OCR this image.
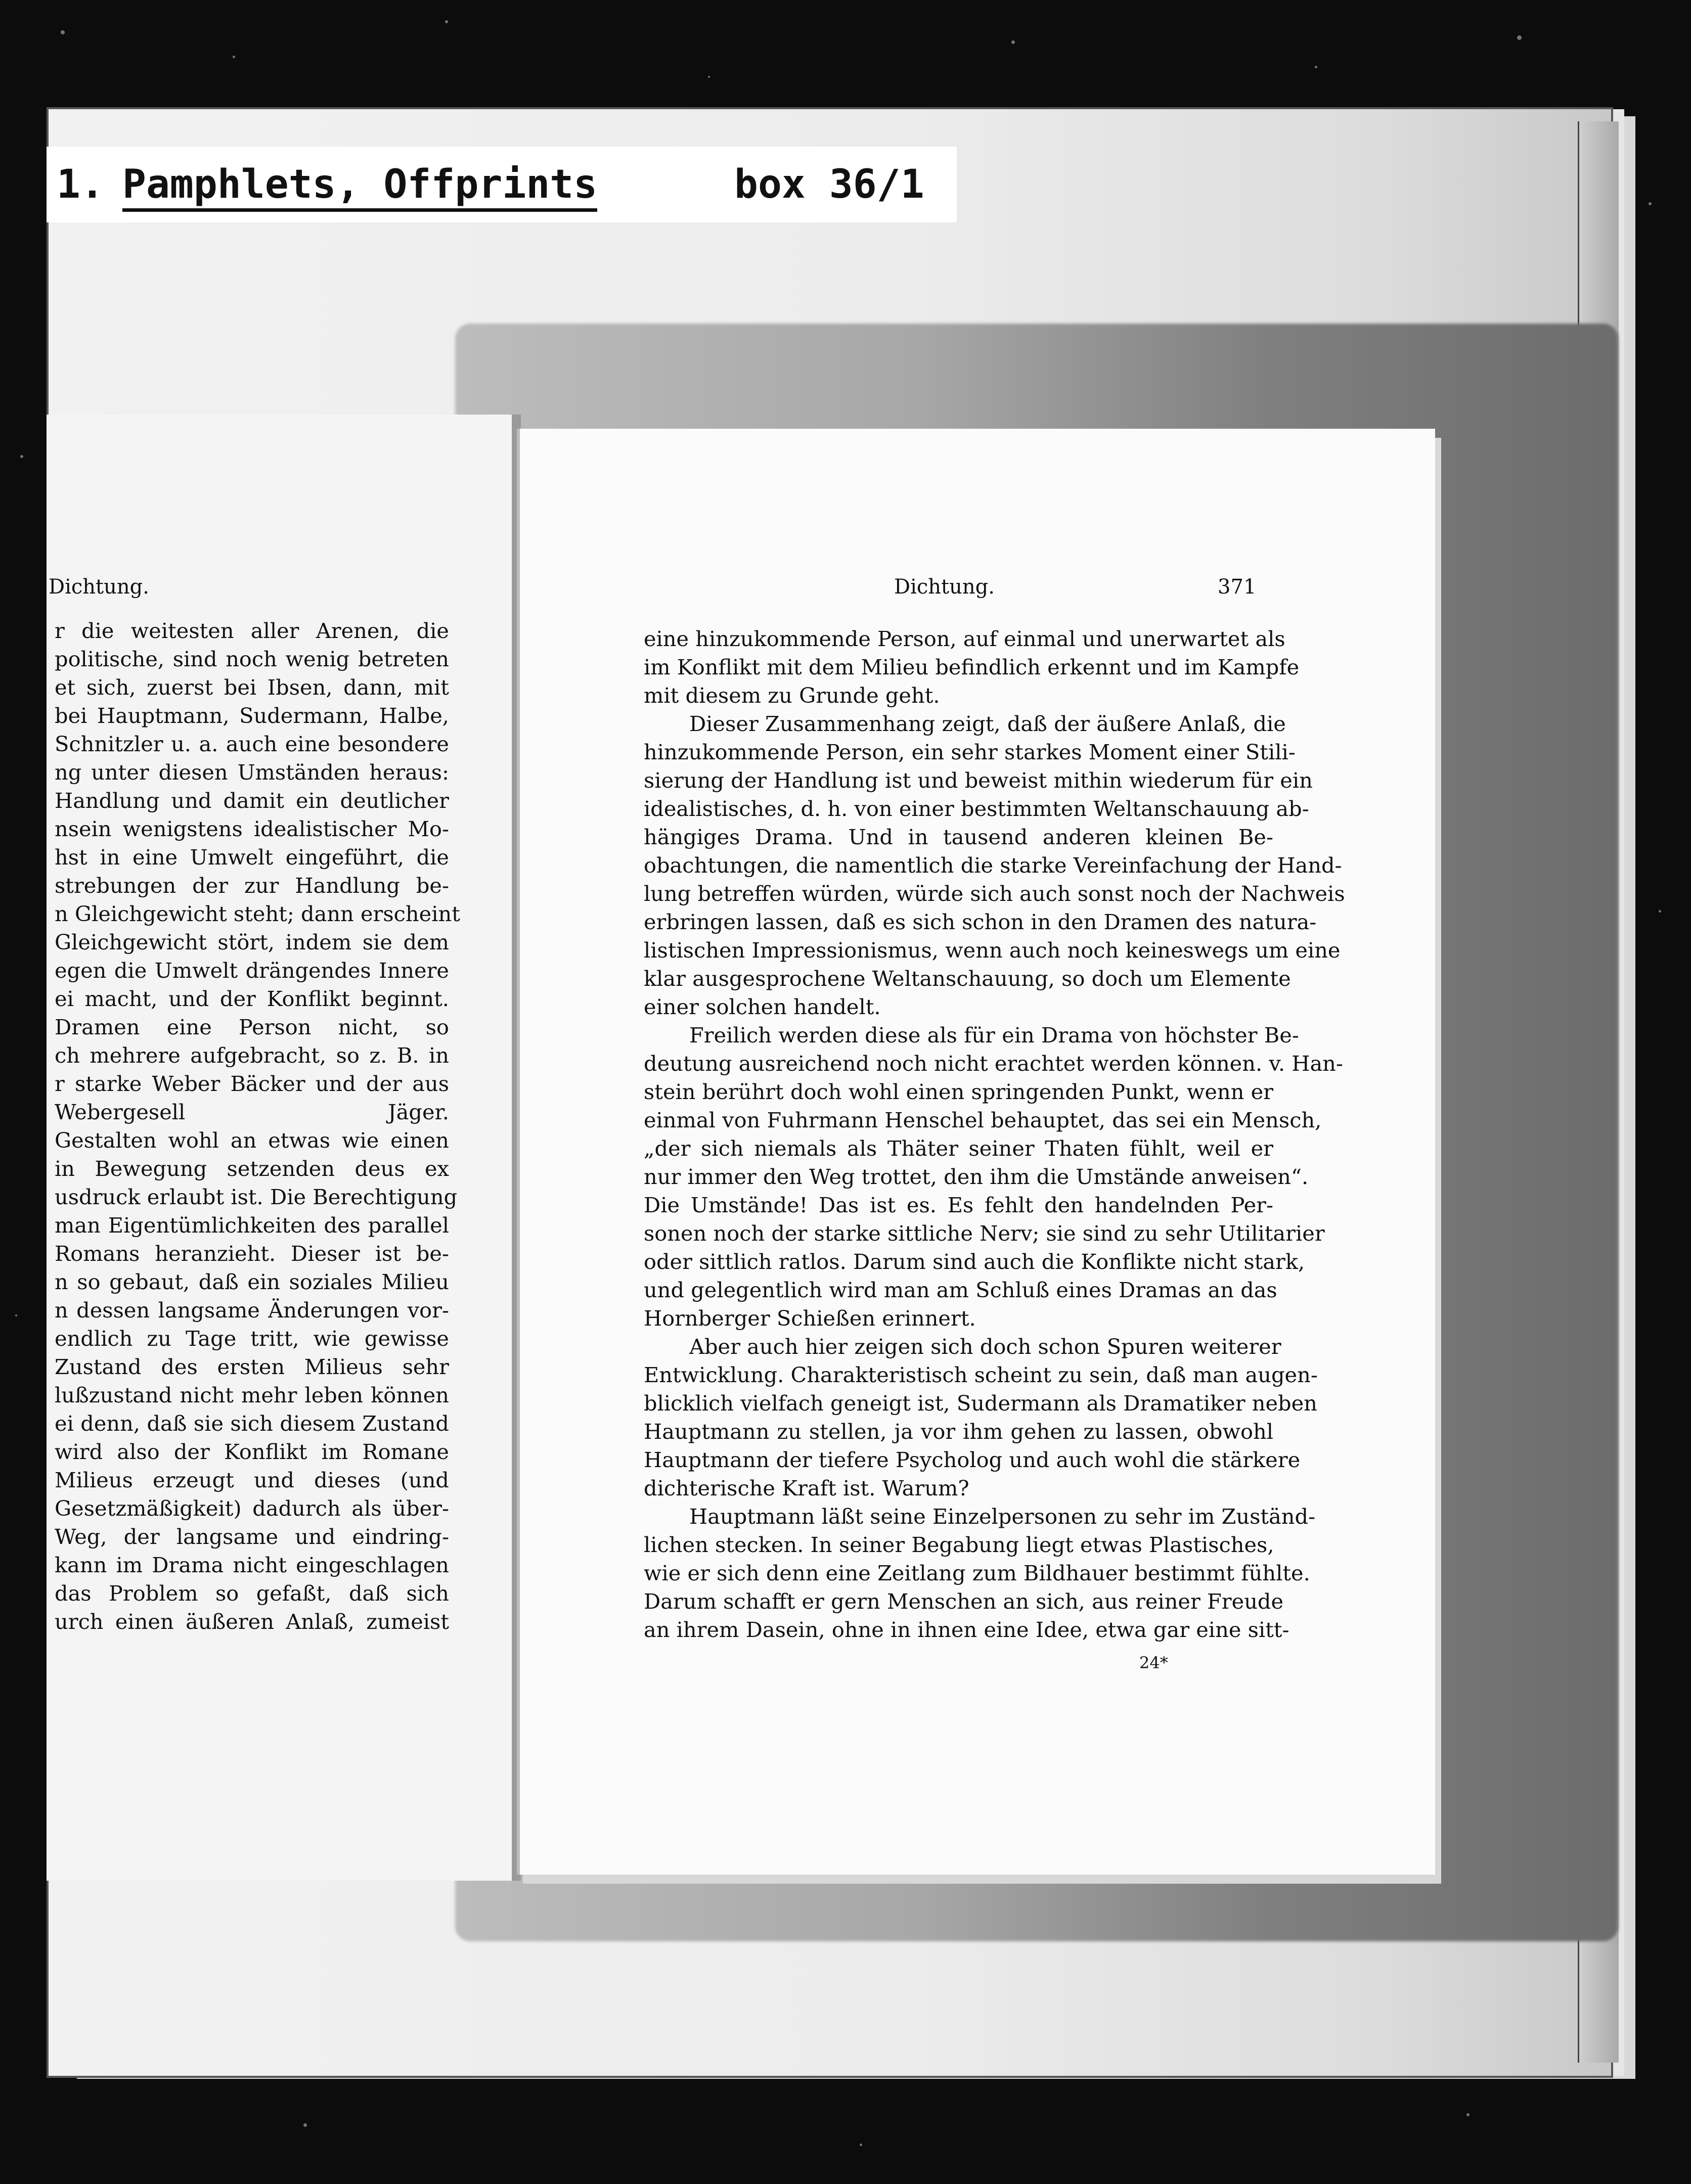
1. Pamphlets, Offprints	box 36/1
Dichtung.
r die weitesten aller Arenen, die
politische, sind noch wenig betreten
et sich, zuerst bei Ibsen, dann, mit
bei Hauptmann, Sudermann, Halbe,
Schnitzler u. a. auch eine besondere
ng unter diesen Umständen heraus:
Handlung und damit ein deutlicher
nsein wenigstens idealistischer Mo-
hst in eine Umwelt eingeführt, die
strebungen der zur Handlung be-
n Gleichgewicht steht; dann erscheint
Gleichgewicht stört, indem sie dem
egen die Umwelt drängendes Innere
ei macht, und der Konflikt beginnt.
Dramen eine Person nicht, so
ch mehrere aufgebracht, so z. B. in
r starke Weber Bäcker und der aus
Webergesell Jäger.
Gestalten wohl an etwas wie einen
in Bewegung setzenden deus ex
usdruck erlaubt ist. Die Berechtigung
man Eigentümlichkeiten des parallel
Romans heranzieht. Dieser ist be-
n so gebaut, daß ein soziales Milieu
n dessen langsame Änderungen vor-
endlich zu Tage tritt, wie gewisse
Zustand des ersten Milieus sehr
lußzustand nicht mehr leben können
ei denn, daß sie sich diesem Zustand
wird also der Konflikt im Romane
Milieus erzeugt und dieses (und
Gesetzmäßigkeit) dadurch als über-
Weg, der langsame und eindring-
kann im Drama nicht eingeschlagen
das Problem so gefaßt, daß sich
urch einen äußeren Anlaß, zumeist
Dichtung.	371
eine hinzukommende Person, auf einmal und unerwartet als
im Konflikt mit dem Milieu befindlich erkennt und im Kampfe
mit diesem zu Grunde geht.
Dieser Zusammenhang zeigt, daß der äußere Anlaß, die
hinzukommende Person, ein sehr starkes Moment einer Stili-
sierung der Handlung ist und beweist mithin wiederum für ein
idealistisches, d. h. von einer bestimmten Weltanschauung ab-
hängiges Drama. Und in tausend anderen kleinen Be-
obachtungen, die namentlich die starke Vereinfachung der Hand-
lung betreffen würden, würde sich auch sonst noch der Nachweis
erbringen lassen, daß es sich schon in den Dramen des natura-
listischen Impressionismus, wenn auch noch keineswegs um eine
klar ausgesprochene Weltanschauung, so doch um Elemente
einer solchen handelt.
Freilich werden diese als für ein Drama von höchster Be-
deutung ausreichend noch nicht erachtet werden können. v. Han-
stein berührt doch wohl einen springenden Punkt, wenn er
einmal von Fuhrmann Henschel behauptet, das sei ein Mensch,
„der sich niemals als Thäter seiner Thaten fühlt, weil er
nur immer den Weg trottet, den ihm die Umstände anweisen“.
Die Umstände! Das ist es. Es fehlt den handelnden Per-
sonen noch der starke sittliche Nerv; sie sind zu sehr Utilitarier
oder sittlich ratlos. Darum sind auch die Konflikte nicht stark,
und gelegentlich wird man am Schluß eines Dramas an das
Hornberger Schießen erinnert.
Aber auch hier zeigen sich doch schon Spuren weiterer
Entwicklung. Charakteristisch scheint zu sein, daß man augen-
blicklich vielfach geneigt ist, Sudermann als Dramatiker neben
Hauptmann zu stellen, ja vor ihm gehen zu lassen, obwohl
Hauptmann der tiefere Psycholog und auch wohl die stärkere
dichterische Kraft ist. Warum?
Hauptmann läßt seine Einzelpersonen zu sehr im Zuständ-
lichen stecken. In seiner Begabung liegt etwas Plastisches,
wie er sich denn eine Zeitlang zum Bildhauer bestimmt fühlte.
Darum schafft er gern Menschen an sich, aus reiner Freude
an ihrem Dasein, ohne in ihnen eine Idee, etwa gar eine sitt-
24*
